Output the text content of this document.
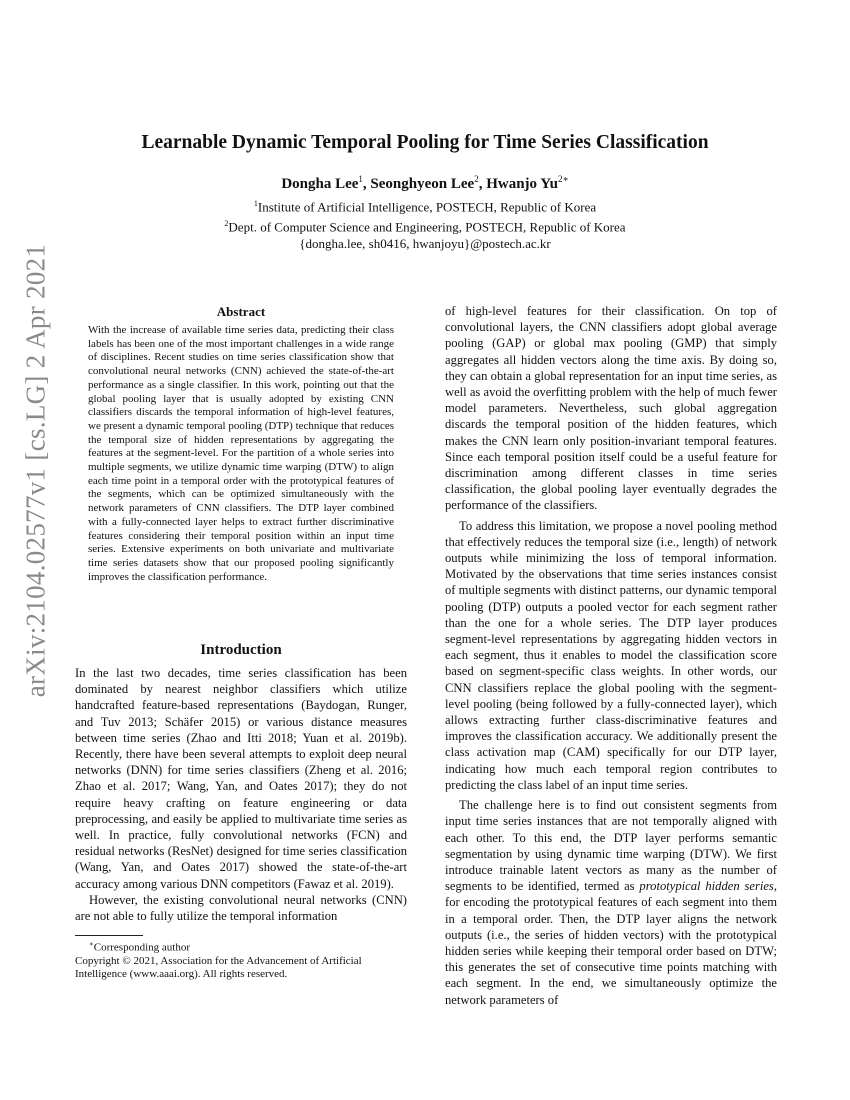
arXiv:2104.02577v1 [cs.LG] 2 Apr 2021
Learnable Dynamic Temporal Pooling for Time Series Classification
Dongha Lee$^1$, Seonghyeon Lee$^2$, Hwanjo $Yu^{2∗}$
$^1$Institute of Artificial Intelligence, POSTECH, Republic of Korea
$^2$Dept. of Computer Science and Engineering, POSTECH, Republic of Korea
{dongha.lee, sh0416, hwanjoyu}@postech.ac.kr
Abstract

With the increase of available time series data, predicting their class labels has been one of the most important challenges in a wide range of disciplines. Recent studies on time series classification show that convolutional neural networks (CNN) achieved the state-of-the-art performance as a single classifier. In this work, pointing out that the global pooling layer that is usually adopted by existing CNN classifiers discards the temporal information of high-level features, we present a dynamic temporal pooling (DTP) technique that reduces the temporal size of hidden representations by aggregating the features at the segment-level. For the partition of a whole series into multiple segments, we utilize dynamic time warping (DTW) to align each time point in a temporal order with the prototypical features of the segments, which can be optimized simultaneously with the network parameters of CNN classifiers. The DTP layer combined with a fully-connected layer helps to extract further discriminative features considering their temporal position within an input time series. Extensive experiments on both univariate and multivariate time series datasets show that our proposed pooling significantly improves the classification performance.

Introduction

In the last two decades, time series classification has been dominated by nearest neighbor classifiers which utilize handcrafted feature-based representations (Baydogan, Runger, and Tuv 2013; Schäfer 2015) or various distance measures between time series (Zhao and Itti 2018; Yuan et al. 2019b). Recently, there have been several attempts to exploit deep neural networks (DNN) for time series classifiers (Zheng et al. 2016; Zhao et al. 2017; Wang, Yan, and Oates 2017); they do not require heavy crafting on feature engineering or data preprocessing, and easily be applied to multivariate time series as well. In practice, fully convolutional networks (FCN) and residual networks (ResNet) designed for time series classification (Wang, Yan, and Oates 2017) showed the state-of-the-art accuracy among various DNN competitors (Fawaz et al. 2019).

However, the existing convolutional neural networks (CNN) are not able to fully utilize the temporal information

of high-level features for their classification. On top of convolutional layers, the CNN classifiers adopt global average pooling (GAP) or global max pooling (GMP) that simply aggregates all hidden vectors along the time axis. By doing so, they can obtain a global representation for an input time series, as well as avoid the overfitting problem with the help of much fewer model parameters. Nevertheless, such global aggregation discards the temporal position of the hidden features, which makes the CNN learn only position-invariant temporal features. Since each temporal position itself could be a useful feature for discrimination among different classes in time series classification, the global pooling layer eventually degrades the performance of the classifiers.

To address this limitation, we propose a novel pooling method that effectively reduces the temporal size (i.e., length) of network outputs while minimizing the loss of temporal information. Motivated by the observations that time series instances consist of multiple segments with distinct patterns, our dynamic temporal pooling (DTP) outputs a pooled vector for each segment rather than the one for a whole series. The DTP layer produces segment-level representations by aggregating hidden vectors in each segment, thus it enables to model the classification score based on segment-specific class weights. In other words, our CNN classifiers replace the global pooling with the segment-level pooling (being followed by a fully-connected layer), which allows extracting further class-discriminative features and improves the classification accuracy. We additionally present the class activation map (CAM) specifically for our DTP layer, indicating how much each temporal region contributes to predicting the class label of an input time series.

The challenge here is to find out consistent segments from input time series instances that are not temporally aligned with each other. To this end, the DTP layer performs semantic segmentation by using dynamic time warping (DTW). We first introduce trainable latent vectors as many as the number of segments to be identified, termed as prototypical hidden series, for encoding the prototypical features of each segment into them in a temporal order. Then, the DTP layer aligns the network outputs (i.e., the series of hidden vectors) with the prototypical hidden series while keeping their temporal order based on DTW; this generates the set of consecutive time points matching with each segment. In the end, we simultaneously optimize the network parameters of

∗Corresponding author
Copyright © 2021, Association for the Advancement of Artificial Intelligence (www.aaai.org). All rights reserved.
